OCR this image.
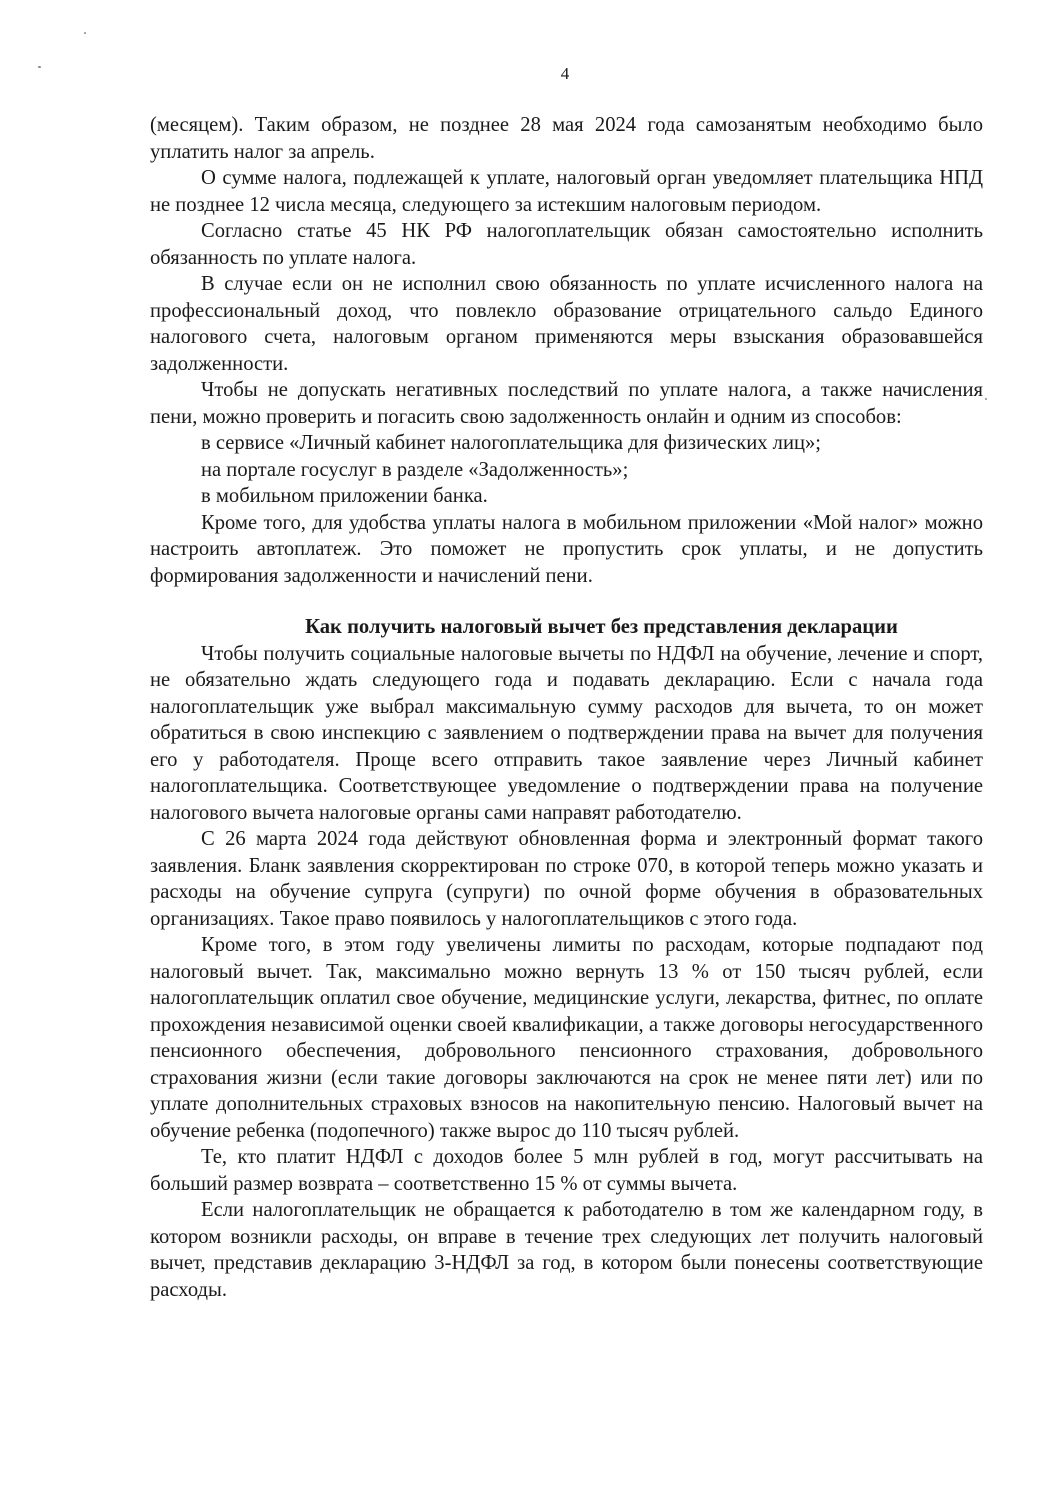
4

(месяцем). Таким образом, не позднее 28 мая 2024 года самозанятым необходимо было уплатить налог за апрель.

О сумме налога, подлежащей к уплате, налоговый орган уведомляет плательщика НПД не позднее 12 числа месяца, следующего за истекшим налоговым периодом.

Согласно статье 45 НК РФ налогоплательщик обязан самостоятельно исполнить обязанность по уплате налога.

В случае если он не исполнил свою обязанность по уплате исчисленного налога на профессиональный доход, что повлекло образование отрицательного сальдо Единого налогового счета, налоговым органом применяются меры взыскания образовавшейся задолженности.

Чтобы не допускать негативных последствий по уплате налога, а также начисления пени, можно проверить и погасить свою задолженность онлайн и одним из способов:

в сервисе «Личный кабинет налогоплательщика для физических лиц»;

на портале госуслуг в разделе «Задолженность»;

в мобильном приложении банка.

Кроме того, для удобства уплаты налога в мобильном приложении «Мой налог» можно настроить автоплатеж. Это поможет не пропустить срок уплаты, и не допустить формирования задолженности и начислений пени.

Как получить налоговый вычет без представления декларации

Чтобы получить социальные налоговые вычеты по НДФЛ на обучение, лечение и спорт, не обязательно ждать следующего года и подавать декларацию. Если с начала года налогоплательщик уже выбрал максимальную сумму расходов для вычета, то он может обратиться в свою инспекцию с заявлением о подтверждении права на вычет для получения его у работодателя. Проще всего отправить такое заявление через Личный кабинет налогоплательщика. Соответствующее уведомление о подтверждении права на получение налогового вычета налоговые органы сами направят работодателю.

С 26 марта 2024 года действуют обновленная форма и электронный формат такого заявления. Бланк заявления скорректирован по строке 070, в которой теперь можно указать и расходы на обучение супруга (супруги) по очной форме обучения в образовательных организациях. Такое право появилось у налогоплательщиков с этого года.

Кроме того, в этом году увеличены лимиты по расходам, которые подпадают под налоговый вычет. Так, максимально можно вернуть 13 % от 150 тысяч рублей, если налогоплательщик оплатил свое обучение, медицинские услуги, лекарства, фитнес, по оплате прохождения независимой оценки своей квалификации, а также договоры негосударственного пенсионного обеспечения, добровольного пенсионного страхования, добровольного страхования жизни (если такие договоры заключаются на срок не менее пяти лет) или по уплате дополнительных страховых взносов на накопительную пенсию. Налоговый вычет на обучение ребенка (подопечного) также вырос до 110 тысяч рублей.

Те, кто платит НДФЛ с доходов более 5 млн рублей в год, могут рассчитывать на больший размер возврата – соответственно 15 % от суммы вычета.

Если налогоплательщик не обращается к работодателю в том же календарном году, в котором возникли расходы, он вправе в течение трех следующих лет получить налоговый вычет, представив декларацию 3-НДФЛ за год, в котором были понесены соответствующие расходы.
